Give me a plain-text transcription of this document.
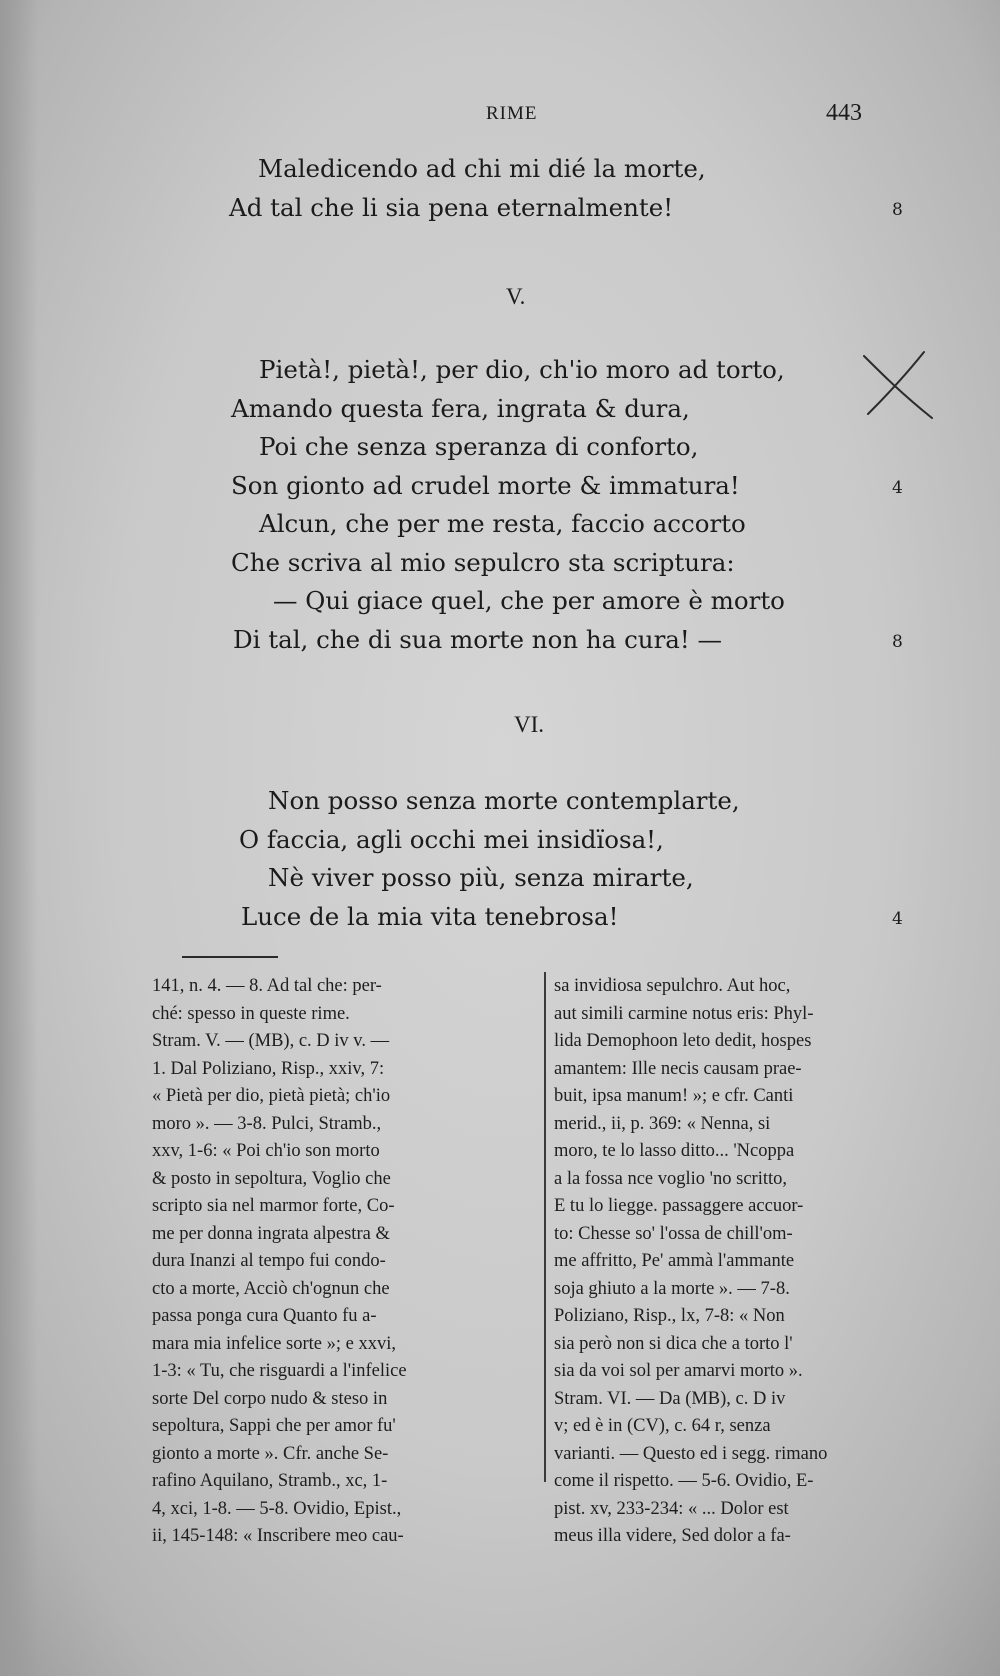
RIME	443
Maledicendo ad chi mi dié la morte,
Ad tal che li sia pena eternalmente!	8
V.
Pietà!, pietà!, per dio, ch'io moro ad torto,
Amando questa fera, ingrata & dura,
Poi che senza speranza di conforto,
Son gionto ad crudel morte & immatura!	4
Alcun, che per me resta, faccio accorto
Che scriva al mio sepulcro sta scriptura:
— Qui giace quel, che per amore è morto
Di tal, che di sua morte non ha cura! —	8
VI.
Non posso senza morte contemplarte,
O faccia, agli occhi mei insidïosa!,
Nè viver posso più, senza mirarte,
Luce de la mia vita tenebrosa!	4
141, n. 4. — 8. Ad tal che: per-
ché: spesso in queste rime.
Stram. V. — (MB), c. D iv v. —
1. Dal Poliziano, Risp., xxiv, 7:
« Pietà per dio, pietà pietà; ch'io
moro ». — 3-8. Pulci, Stramb.,
xxv, 1-6: « Poi ch'io son morto
& posto in sepoltura, Voglio che
scripto sia nel marmor forte, Co-
me per donna ingrata alpestra &
dura Inanzi al tempo fui condo-
cto a morte, Acciò ch'ognun che
passa ponga cura Quanto fu a-
mara mia infelice sorte »; e xxvi,
1-3: « Tu, che risguardi a l'infelice
sorte Del corpo nudo & steso in
sepoltura, Sappi che per amor fu'
gionto a morte ». Cfr. anche Se-
rafino Aquilano, Stramb., xc, 1-
4, xci, 1-8. — 5-8. Ovidio, Epist.,
ii, 145-148: « Inscribere meo cau-
sa invidiosa sepulchro. Aut hoc,
aut simili carmine notus eris: Phyl-
lida Demophoon leto dedit, hospes
amantem: Ille necis causam prae-
buit, ipsa manum! »; e cfr. Canti
merid., ii, p. 369: « Nenna, si
moro, te lo lasso ditto... 'Ncoppa
a la fossa nce voglio 'no scritto,
E tu lo liegge. passaggere accuor-
to: Chesse so' l'ossa de chill'om-
me affritto, Pe' ammà l'ammante
soja ghiuto a la morte ». — 7-8.
Poliziano, Risp., lx, 7-8: « Non
sia però non si dica che a torto l'
sia da voi sol per amarvi morto ».
Stram. VI. — Da (MB), c. D iv
v; ed è in (CV), c. 64 r, senza
varianti. — Questo ed i segg. rimano
come il rispetto. — 5-6. Ovidio, E-
pist. xv, 233-234: « ... Dolor est
meus illa videre, Sed dolor a fa-
